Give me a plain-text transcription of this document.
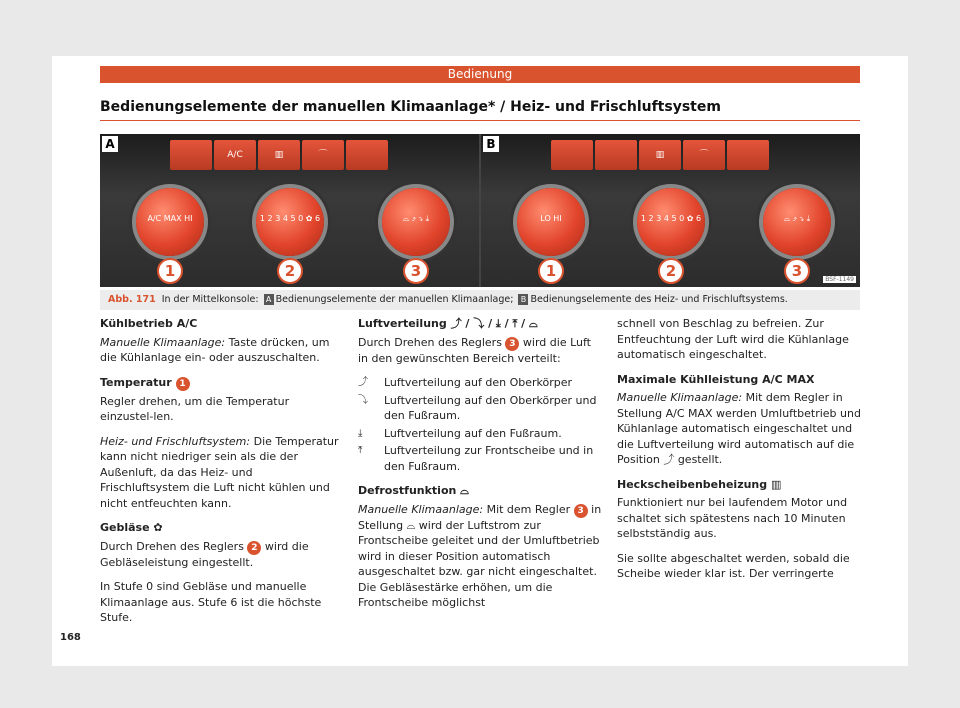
Bedienung
Bedienungselemente der manuellen Klimaanlage* / Heiz- und Frischluftsystem
A
A/C	▥	⌒
A/C MAX HI	1 2 3 4 5 0 ✿ 6	⌓ ⤴ ⤵ ⤓
1	2	3
B
▥	⌒
LO HI	1 2 3 4 5 0 ✿ 6	⌓ ⤴ ⤵ ⤓
1	2	3	BSF-1149
Abb. 171 In der Mittelkonsole: A Bedienungselemente der manuellen Klimaanlage; B Bedienungselemente des Heiz- und Frischluftsystems.
Kühlbetrieb A/C

Manuelle Klimaanlage: Taste drücken, um die Kühlanlage ein- oder auszuschalten.

Temperatur 1

Regler drehen, um die Temperatur einzustel-len.

Heiz- und Frischluftsystem: Die Temperatur kann nicht niedriger sein als die der Außenluft, da das Heiz- und Frischluftsystem die Luft nicht kühlen und nicht entfeuchten kann.

Gebläse ✿

Durch Drehen des Reglers 2 wird die Gebläseleistung eingestellt.

In Stufe 0 sind Gebläse und manuelle Klimaanlage aus. Stufe 6 ist die höchste Stufe.

Luftverteilung ⤴ / ⤵ / ⤓ / ⤒ / ⌓

Durch Drehen des Reglers 3 wird die Luft in den gewünschten Bereich verteilt:

⤴	Luftverteilung auf den Oberkörper
⤵	Luftverteilung auf den Oberkörper und den Fußraum.
⤓	Luftverteilung auf den Fußraum.
⤒	Luftverteilung zur Frontscheibe und in den Fußraum.
Defrostfunktion ⌓

Manuelle Klimaanlage: Mit dem Regler 3 in Stellung ⌓ wird der Luftstrom zur Frontscheibe geleitet und der Umluftbetrieb wird in dieser Position automatisch ausgeschaltet bzw. gar nicht eingeschaltet. Die Gebläsestärke erhöhen, um die Frontscheibe möglichst

schnell von Beschlag zu befreien. Zur Entfeuchtung der Luft wird die Kühlanlage automatisch eingeschaltet.

Maximale Kühlleistung A/C MAX

Manuelle Klimaanlage: Mit dem Regler in Stellung A/C MAX werden Umluftbetrieb und Kühlanlage automatisch eingeschaltet und die Luftverteilung wird automatisch auf die Position ⤴ gestellt.

Heckscheibenbeheizung ▥

Funktioniert nur bei laufendem Motor und schaltet sich spätestens nach 10 Minuten selbstständig aus.

Sie sollte abgeschaltet werden, sobald die Scheibe wieder klar ist. Der verringerte

168
